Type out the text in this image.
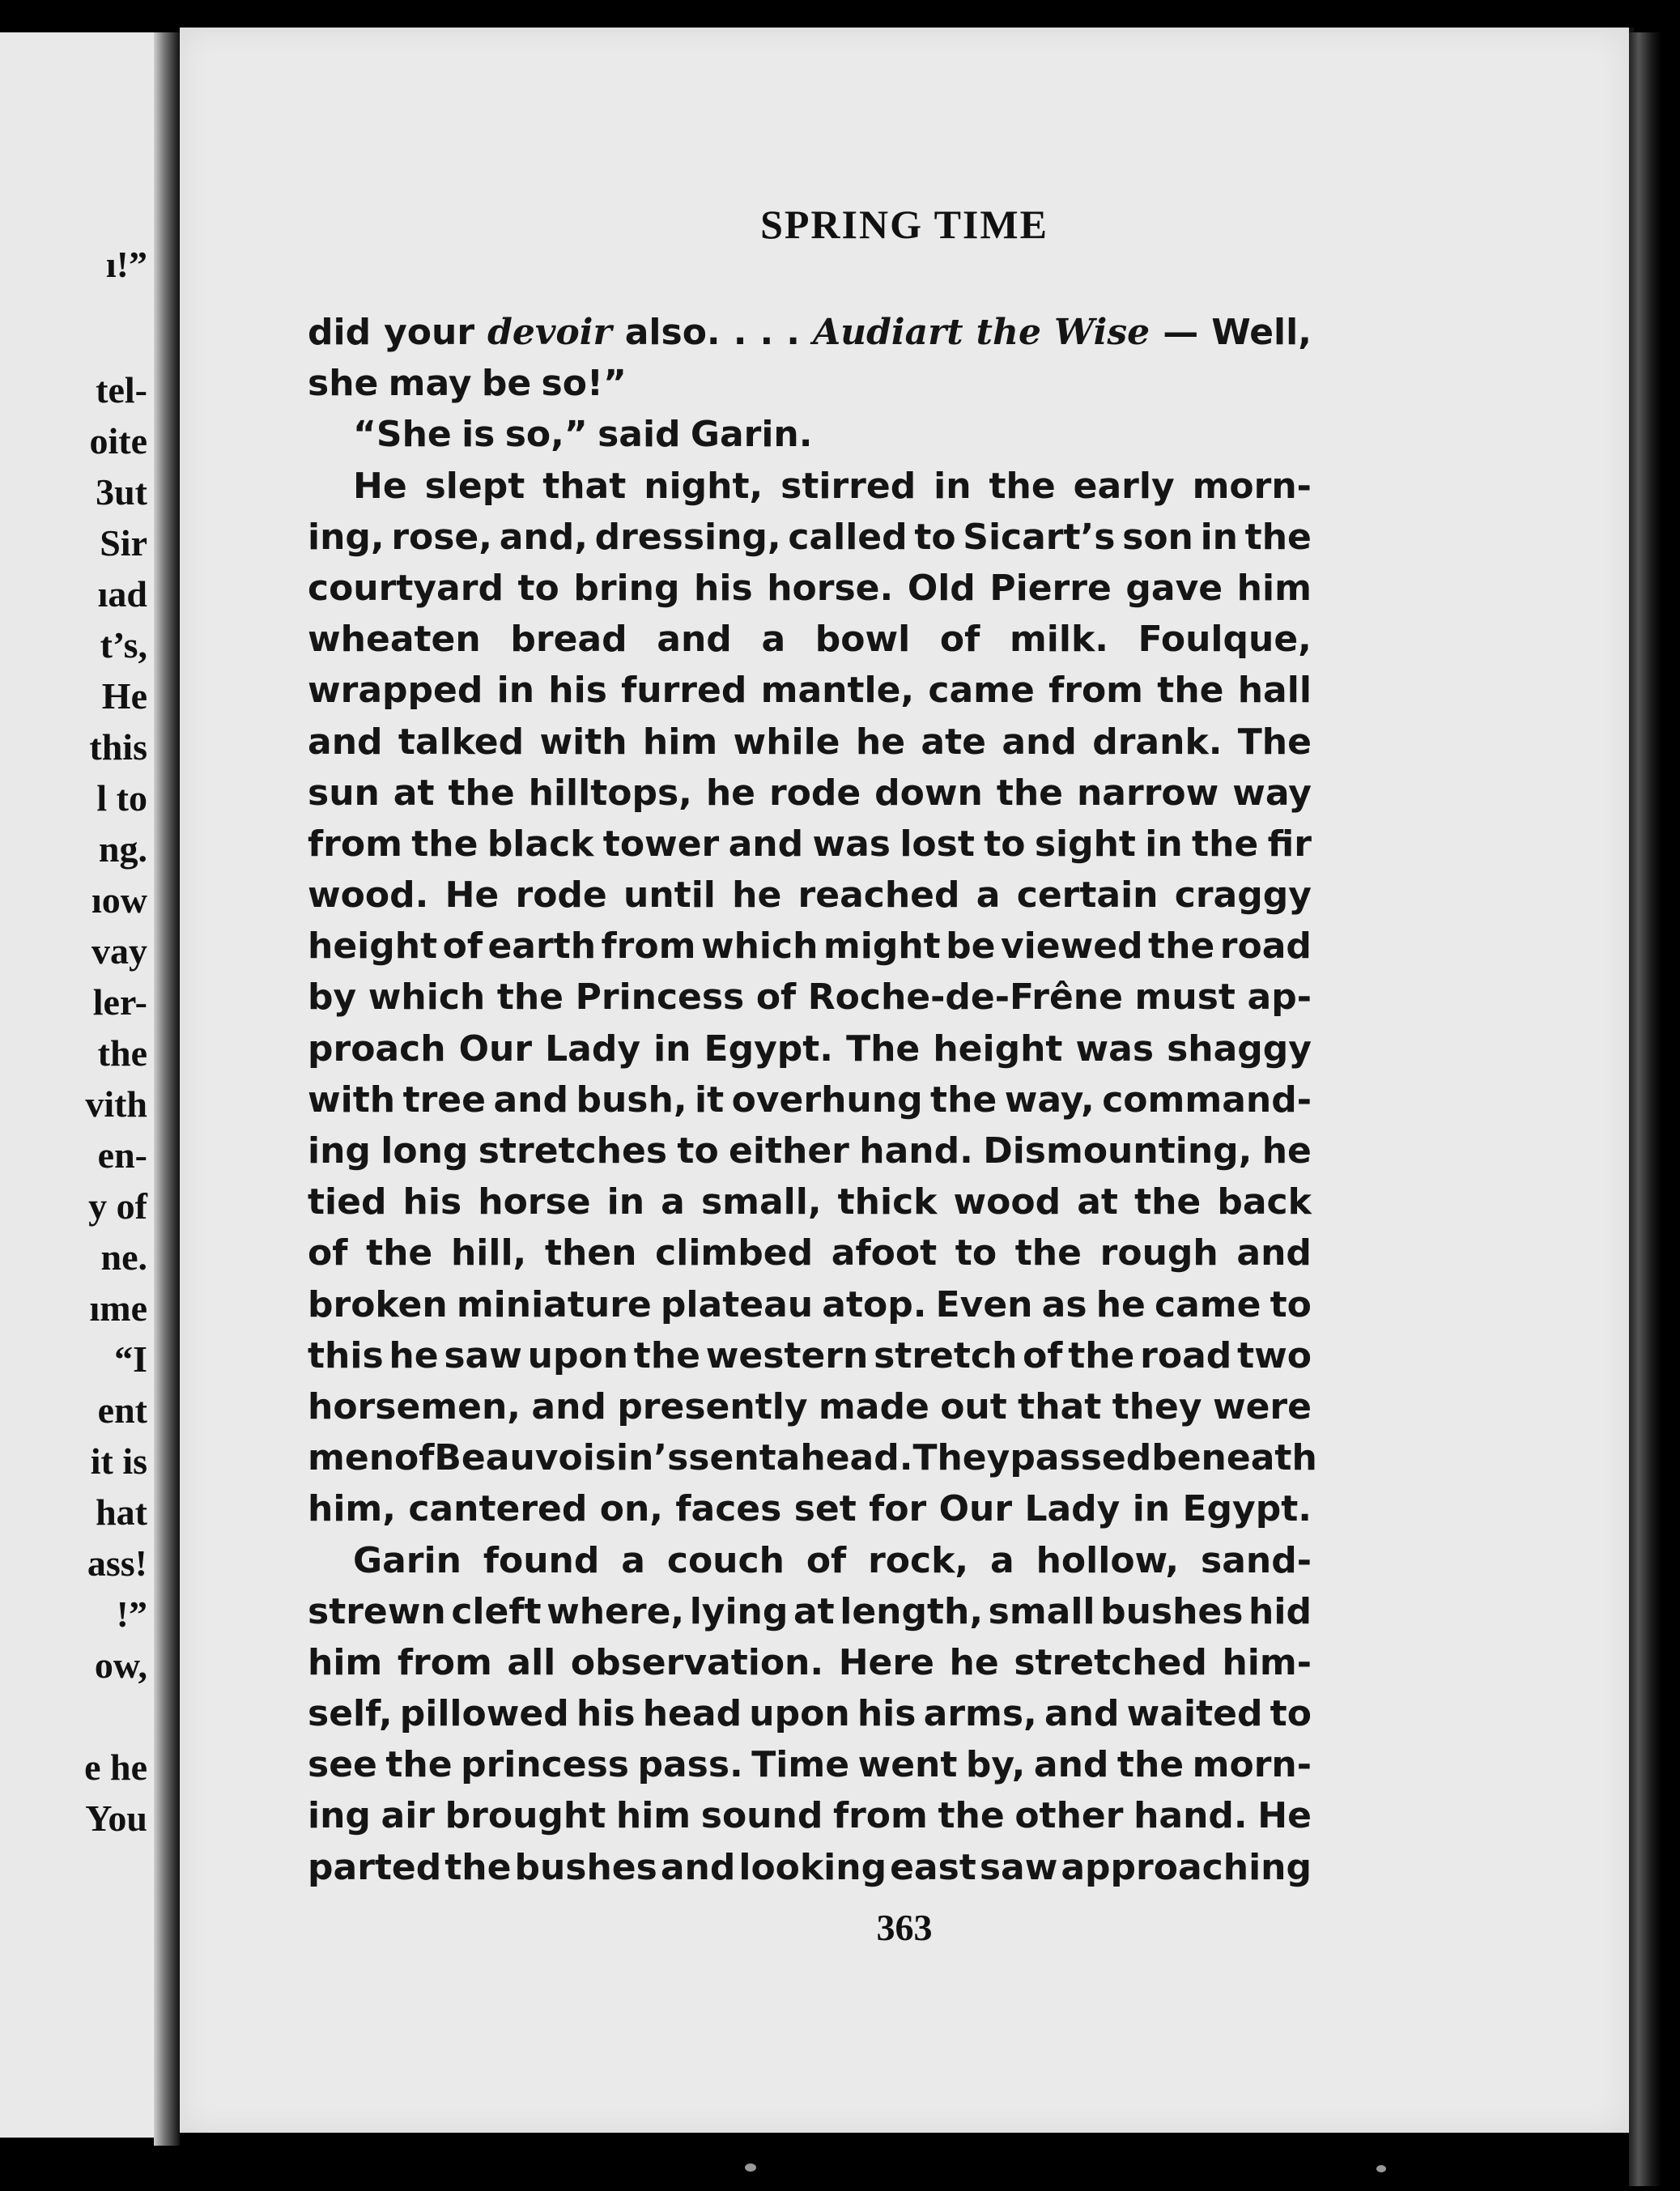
ı!”
tel-
oite
3ut
Sir
ıad
t’s,
He
this
l to
ng.
ıow
vay
ler-
the
vith
en-
y of
ne.
ıme
“I
ent
it is
hat
ass!
!”
ow,
e he
You
SPRING TIME
did your devoir also. . . . Audiart the Wise — Well,
she may be so!”
“She is so,” said Garin.
He slept that night, stirred in the early morn-
ing, rose, and, dressing, called to Sicart’s son in the
courtyard to bring his horse. Old Pierre gave him
wheaten bread and a bowl of milk. Foulque,
wrapped in his furred mantle, came from the hall
and talked with him while he ate and drank. The
sun at the hilltops, he rode down the narrow way
from the black tower and was lost to sight in the fir
wood. He rode until he reached a certain craggy
height of earth from which might be viewed the road
by which the Princess of Roche-de-Frêne must ap-
proach Our Lady in Egypt. The height was shaggy
with tree and bush, it overhung the way, command-
ing long stretches to either hand. Dismounting, he
tied his horse in a small, thick wood at the back
of the hill, then climbed afoot to the rough and
broken miniature plateau atop. Even as he came to
this he saw upon the western stretch of the road two
horsemen, and presently made out that they were
men of Beauvoisin’s sent ahead. They passed beneath
him, cantered on, faces set for Our Lady in Egypt.
Garin found a couch of rock, a hollow, sand-
strewn cleft where, lying at length, small bushes hid
him from all observation. Here he stretched him-
self, pillowed his head upon his arms, and waited to
see the princess pass. Time went by, and the morn-
ing air brought him sound from the other hand. He
parted the bushes and looking east saw approaching
363
